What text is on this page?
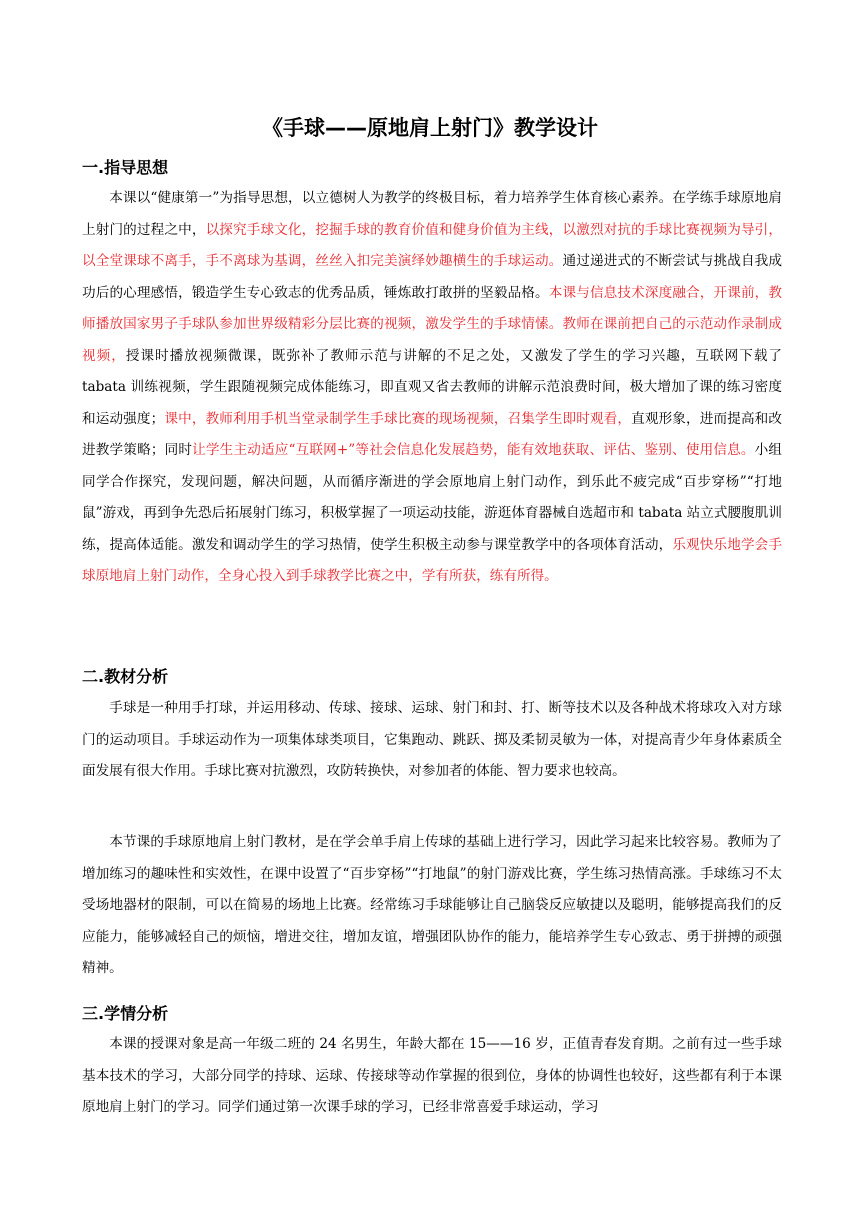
《手球——原地肩上射门》教学设计
一.指导思想

本课以“健康第一”为指导思想，以立德树人为教学的终极目标，着力培养学生体育核心素养。在学练手球原地肩上射门的过程之中，以探究手球文化，挖掘手球的教育价值和健身价值为主线，以激烈对抗的手球比赛视频为导引，以全堂课球不离手，手不离球为基调，丝丝入扣完美演绎妙趣横生的手球运动。通过递进式的不断尝试与挑战自我成功后的心理感悟，锻造学生专心致志的优秀品质，锤炼敢打敢拼的坚毅品格。本课与信息技术深度融合，开课前，教师播放国家男子手球队参加世界级精彩分层比赛的视频，激发学生的手球情愫。教师在课前把自己的示范动作录制成视频，授课时播放视频微课，既弥补了教师示范与讲解的不足之处，又激发了学生的学习兴趣，互联网下载了 tabata 训练视频，学生跟随视频完成体能练习，即直观又省去教师的讲解示范浪费时间，极大增加了课的练习密度和运动强度；课中，教师利用手机当堂录制学生手球比赛的现场视频，召集学生即时观看，直观形象，进而提高和改进教学策略；同时让学生主动适应“互联网+”等社会信息化发展趋势，能有效地获取、评估、鉴别、使用信息。小组同学合作探究，发现问题，解决问题，从而循序渐进的学会原地肩上射门动作，到乐此不疲完成“百步穿杨”“打地鼠”游戏，再到争先恐后拓展射门练习，积极掌握了一项运动技能，游逛体育器械自选超市和 tabata 站立式腰腹肌训练，提高体适能。激发和调动学生的学习热情，使学生积极主动参与课堂教学中的各项体育活动，乐观快乐地学会手球原地肩上射门动作，全身心投入到手球教学比赛之中，学有所获，练有所得。

二.教材分析

手球是一种用手打球，并运用移动、传球、接球、运球、射门和封、打、断等技术以及各种战术将球攻入对方球门的运动项目。手球运动作为一项集体球类项目，它集跑动、跳跃、掷及柔韧灵敏为一体，对提高青少年身体素质全面发展有很大作用。手球比赛对抗激烈，攻防转换快，对参加者的体能、智力要求也较高。

本节课的手球原地肩上射门教材，是在学会单手肩上传球的基础上进行学习，因此学习起来比较容易。教师为了增加练习的趣味性和实效性，在课中设置了“百步穿杨”“打地鼠”的射门游戏比赛，学生练习热情高涨。手球练习不太受场地器材的限制，可以在简易的场地上比赛。经常练习手球能够让自己脑袋反应敏捷以及聪明，能够提高我们的反应能力，能够减轻自己的烦恼，增进交往，增加友谊，增强团队协作的能力，能培养学生专心致志、勇于拼搏的顽强精神。

三.学情分析

本课的授课对象是高一年级二班的 24 名男生，年龄大都在 15——16 岁，正值青春发育期。之前有过一些手球基本技术的学习，大部分同学的持球、运球、传接球等动作掌握的很到位，身体的协调性也较好，这些都有利于本课原地肩上射门的学习。同学们通过第一次课手球的学习，已经非常喜爱手球运动，学习
